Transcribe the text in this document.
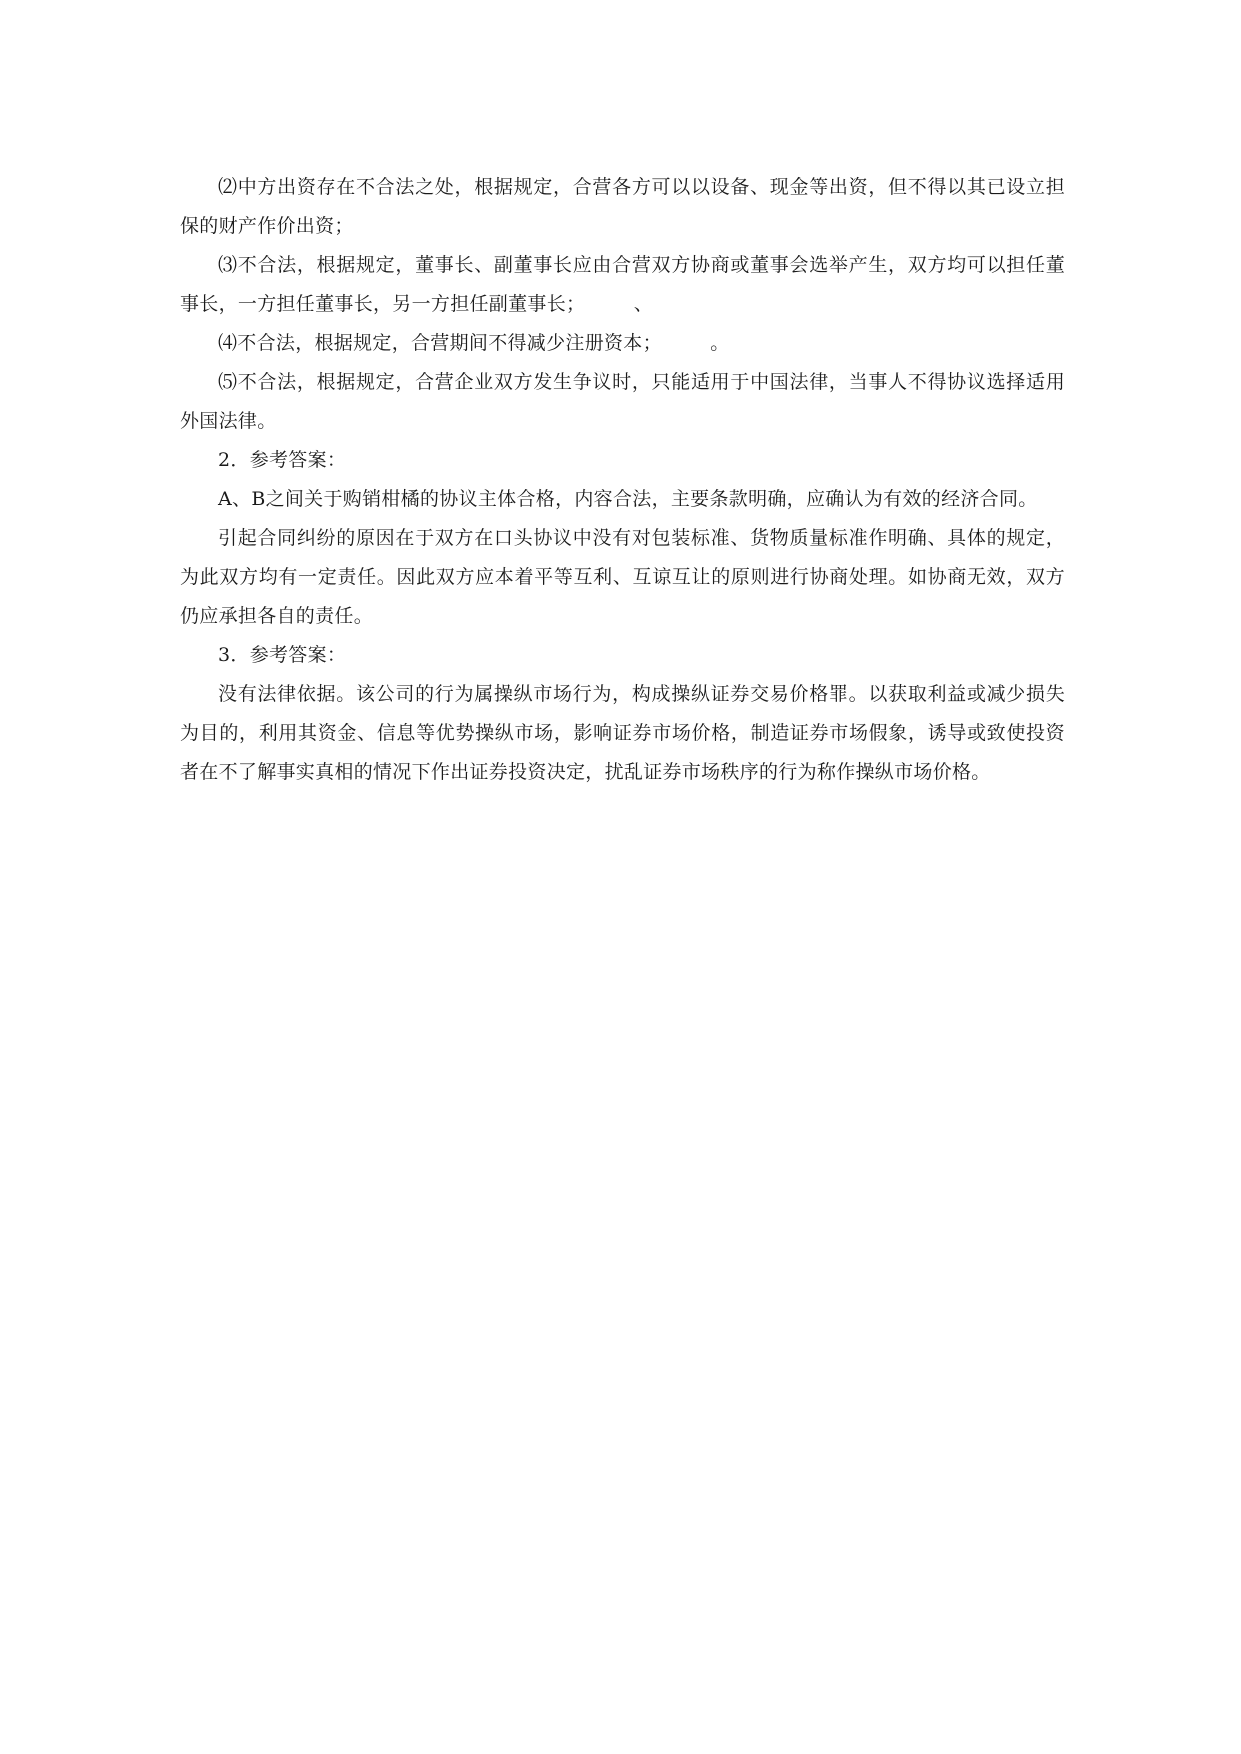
⑵中方出资存在不合法之处，根据规定，合营各方可以以设备、现金等出资，但不得以其已设立担保的财产作价出资；

⑶不合法，根据规定，董事长、副董事长应由合营双方协商或董事会选举产生，双方均可以担任董事长，一方担任董事长，另一方担任副董事长；　　　、

⑷不合法，根据规定，合营期间不得减少注册资本；　　　。

⑸不合法，根据规定，合营企业双方发生争议时，只能适用于中国法律，当事人不得协议选择适用外国法律。

2．参考答案：

A、B之间关于购销柑橘的协议主体合格，内容合法，主要条款明确，应确认为有效的经济合同。

引起合同纠纷的原因在于双方在口头协议中没有对包装标准、货物质量标准作明确、具体的规定，为此双方均有一定责任。因此双方应本着平等互利、互谅互让的原则进行协商处理。如协商无效，双方仍应承担各自的责任。

3．参考答案：

没有法律依据。该公司的行为属操纵市场行为，构成操纵证券交易价格罪。以获取利益或减少损失为目的，利用其资金、信息等优势操纵市场，影响证券市场价格，制造证券市场假象，诱导或致使投资者在不了解事实真相的情况下作出证券投资决定，扰乱证券市场秩序的行为称作操纵市场价格。
